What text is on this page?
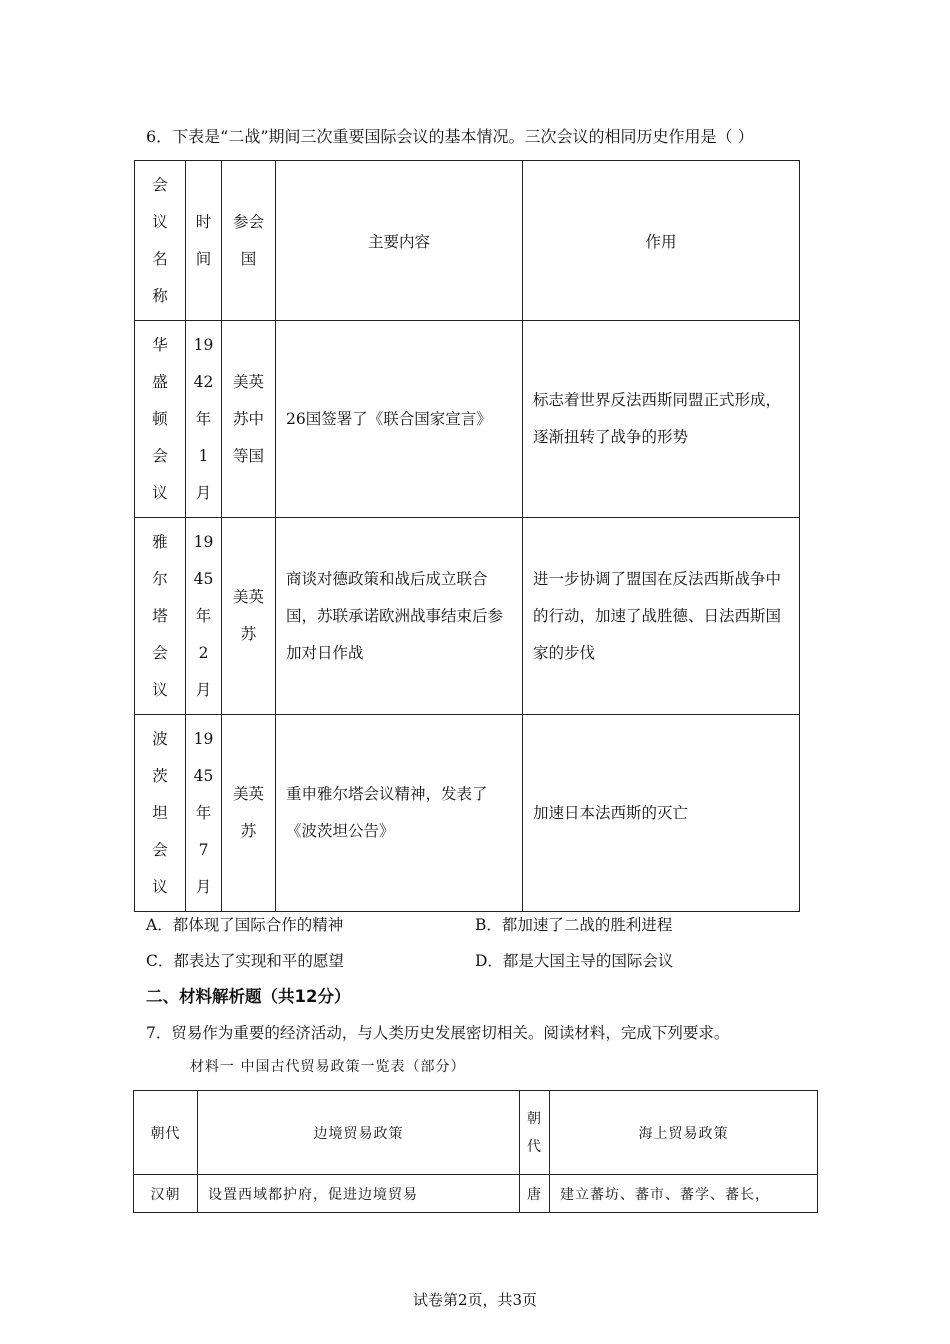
6．下表是“二战”期间三次重要国际会议的基本情况。三次会议的相同历史作用是（ ）
会
议
名
称	时
间	参会
国	主要内容	作用

华
盛
顿
会
议	19
42
年
1
月	美英
苏中
等国	26国签署了《联合国家宣言》	标志着世界反法西斯同盟正式形成，逐渐扭转了战争的形势

雅
尔
塔
会
议	19
45
年
2
月	美英
苏	商谈对德政策和战后成立联合国，苏联承诺欧洲战事结束后参加对日作战	进一步协调了盟国在反法西斯战争中的行动，加速了战胜德、日法西斯国家的步伐

波
茨
坦
会
议	19
45
年
7
月	美英
苏	重申雅尔塔会议精神，发表了《波茨坦公告》	加速日本法西斯的灭亡
A．都体现了国际合作的精神	B．都加速了二战的胜利进程
C．都表达了实现和平的愿望	D．都是大国主导的国际会议
二、材料解析题（共12分）
7．贸易作为重要的经济活动，与人类历史发展密切相关。阅读材料，完成下列要求。
材料一 中国古代贸易政策一览表（部分）
朝代	边境贸易政策	朝
代	海上贸易政策
汉朝	设置西域都护府，促进边境贸易	唐	建立蕃坊、蕃市、蕃学、蕃长，
试卷第2页，共3页
